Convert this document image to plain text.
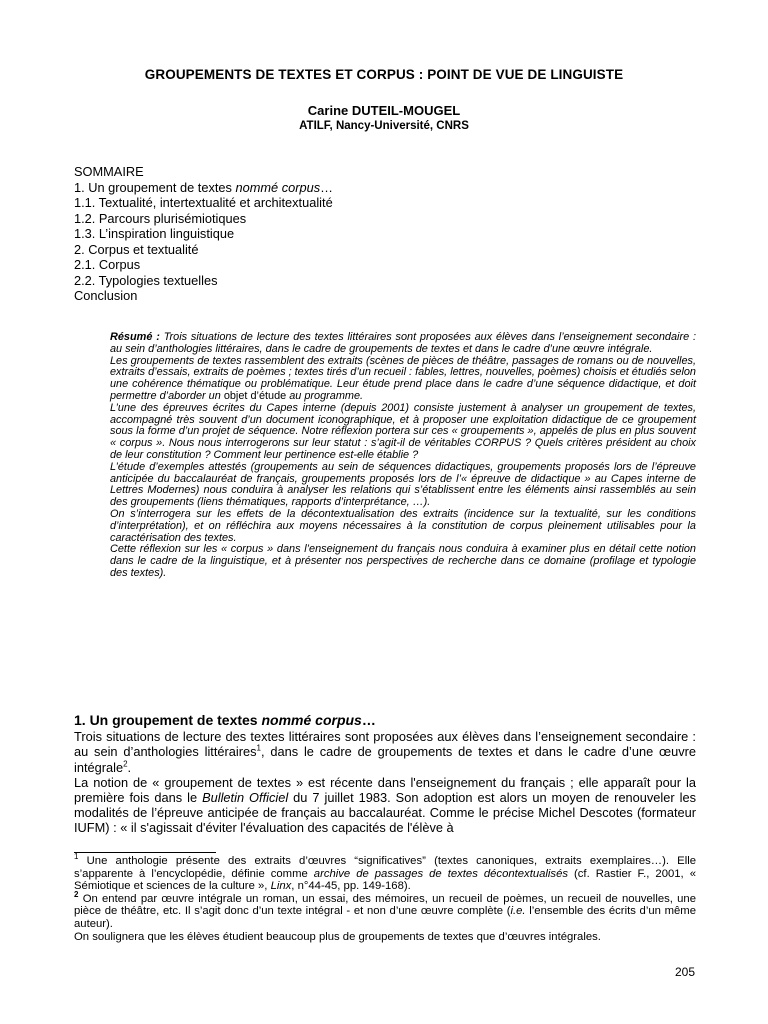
GROUPEMENTS DE TEXTES ET CORPUS : POINT DE VUE DE LINGUISTE
Carine DUTEIL-MOUGEL
ATILF, Nancy-Université, CNRS
SOMMAIRE
1. Un groupement de textes nommé corpus…
1.1. Textualité, intertextualité et architextualité
1.2. Parcours plurisémiotiques
1.3. L’inspiration linguistique
2. Corpus et textualité
2.1. Corpus
2.2. Typologies textuelles
Conclusion

Résumé : Trois situations de lecture des textes littéraires sont proposées aux élèves dans l’enseignement secondaire : au sein d’anthologies littéraires, dans le cadre de groupements de textes et dans le cadre d’une œuvre intégrale.

Les groupements de textes rassemblent des extraits (scènes de pièces de théâtre, passages de romans ou de nouvelles, extraits d’essais, extraits de poèmes ; textes tirés d’un recueil : fables, lettres, nouvelles, poèmes) choisis et étudiés selon une cohérence thématique ou problématique. Leur étude prend place dans le cadre d’une séquence didactique, et doit permettre d’aborder un objet d’étude au programme.

L’une des épreuves écrites du Capes interne (depuis 2001) consiste justement à analyser un groupement de textes, accompagné très souvent d’un document iconographique, et à proposer une exploitation didactique de ce groupement sous la forme d’un projet de séquence. Notre réflexion portera sur ces « groupements », appelés de plus en plus souvent « corpus ». Nous nous interrogerons sur leur statut : s’agit-il de véritables CORPUS ? Quels critères président au choix de leur constitution ? Comment leur pertinence est-elle établie ?

L’étude d’exemples attestés (groupements au sein de séquences didactiques, groupements proposés lors de l’épreuve anticipée du baccalauréat de français, groupements proposés lors de l’« épreuve de didactique » au Capes interne de Lettres Modernes) nous conduira à analyser les relations qui s’établissent entre les éléments ainsi rassemblés au sein des groupements (liens thématiques, rapports d’interprétance, …).

On s’interrogera sur les effets de la décontextualisation des extraits (incidence sur la textualité, sur les conditions d’interprétation), et on réfléchira aux moyens nécessaires à la constitution de corpus pleinement utilisables pour la caractérisation des textes.

Cette réflexion sur les « corpus » dans l’enseignement du français nous conduira à examiner plus en détail cette notion dans le cadre de la linguistique, et à présenter nos perspectives de recherche dans ce domaine (profilage et typologie des textes).

1. Un groupement de textes nommé corpus…

Trois situations de lecture des textes littéraires sont proposées aux élèves dans l’enseignement secondaire : au sein d’anthologies littéraires$^1$, dans le cadre de groupements de textes et dans le cadre d’une œuvre intégrale$^2$.

La notion de « groupement de textes » est récente dans l'enseignement du français ; elle apparaît pour la première fois dans le Bulletin Officiel du 7 juillet 1983. Son adoption est alors un moyen de renouveler les modalités de l’épreuve anticipée de français au baccalauréat. Comme le précise Michel Descotes (formateur IUFM) : « il s'agissait d'éviter l'évaluation des capacités de l'élève à

$^1$ Une anthologie présente des extraits d’œuvres “significatives” (textes canoniques, extraits exemplaires…). Elle s’apparente à l’encyclopédie, définie comme archive de passages de textes décontextualisés (cf. Rastier F., 2001, « Sémiotique et sciences de la culture », Linx, n°44-45, pp. 149-168).

$^2$ On entend par œuvre intégrale un roman, un essai, des mémoires, un recueil de poèmes, un recueil de nouvelles, une pièce de théâtre, etc. Il s’agit donc d’un texte intégral - et non d’une œuvre complète (i.e. l’ensemble des écrits d’un même auteur).

On soulignera que les élèves étudient beaucoup plus de groupements de textes que d’œuvres intégrales.

205
